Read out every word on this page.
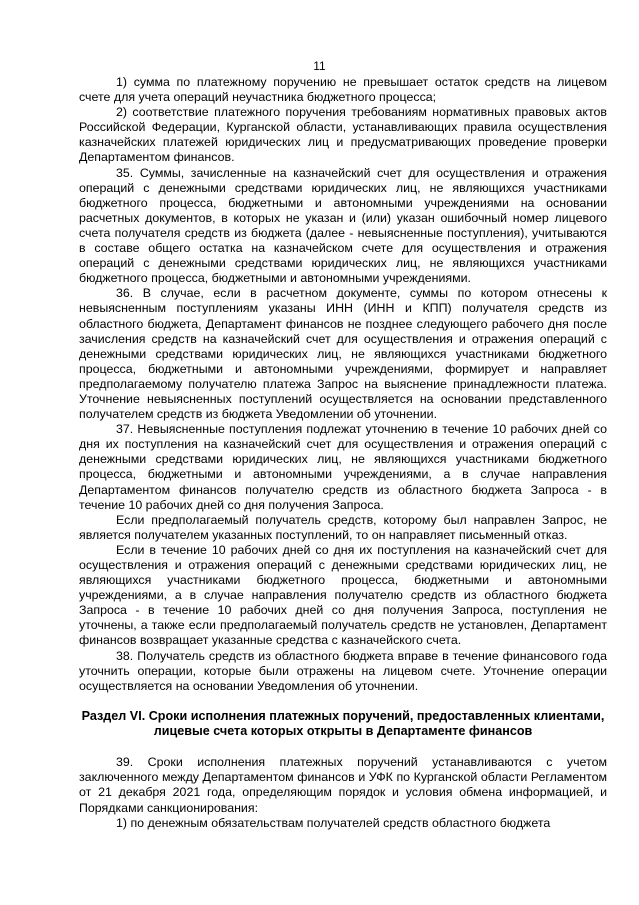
11

1) сумма по платежному поручению не превышает остаток средств на лицевом счете для учета операций неучастника бюджетного процесса;

2) соответствие платежного поручения требованиям нормативных правовых актов Российской Федерации, Курганской области, устанавливающих правила осуществления казначейских платежей юридических лиц и предусматривающих проведение проверки Департаментом финансов.

35. Суммы, зачисленные на казначейский счет для осуществления и отражения операций с денежными средствами юридических лиц, не являющихся участниками бюджетного процесса, бюджетными и автономными учреждениями на основании расчетных документов, в которых не указан и (или) указан ошибочный номер лицевого счета получателя средств из бюджета (далее - невыясненные поступления), учитываются в составе общего остатка на казначейском счете для осуществления и отражения операций с денежными средствами юридических лиц, не являющихся участниками бюджетного процесса, бюджетными и автономными учреждениями.

36. В случае, если в расчетном документе, суммы по котором отнесены к невыясненным поступлениям указаны ИНН (ИНН и КПП) получателя средств из областного бюджета, Департамент финансов не позднее следующего рабочего дня после зачисления средств на казначейский счет для осуществления и отражения операций с денежными средствами юридических лиц, не являющихся участниками бюджетного процесса, бюджетными и автономными учреждениями, формирует и направляет предполагаемому получателю платежа Запрос на выяснение принадлежности платежа. Уточнение невыясненных поступлений осуществляется на основании представленного получателем средств из бюджета Уведомлении об уточнении.

37. Невыясненные поступления подлежат уточнению в течение 10 рабочих дней со дня их поступления на казначейский счет для осуществления и отражения операций с денежными средствами юридических лиц, не являющихся участниками бюджетного процесса, бюджетными и автономными учреждениями, а в случае направления Департаментом финансов получателю средств из областного бюджета Запроса - в течение 10 рабочих дней со дня получения Запроса.

Если предполагаемый получатель средств, которому был направлен Запрос, не является получателем указанных поступлений, то он направляет письменный отказ.

Если в течение 10 рабочих дней со дня их поступления на казначейский счет для осуществления и отражения операций с денежными средствами юридических лиц, не являющихся участниками бюджетного процесса, бюджетными и автономными учреждениями, а в случае направления получателю средств из областного бюджета Запроса - в течение 10 рабочих дней со дня получения Запроса, поступления не уточнены, а также если предполагаемый получатель средств не установлен, Департамент финансов возвращает указанные средства с казначейского счета.

38. Получатель средств из областного бюджета вправе в течение финансового года уточнить операции, которые были отражены на лицевом счете. Уточнение операции осуществляется на основании Уведомления об уточнении.

Раздел VI. Сроки исполнения платежных поручений, предоставленных клиентами, лицевые счета которых открыты в Департаменте финансов

39. Сроки исполнения платежных поручений устанавливаются с учетом заключенного между Департаментом финансов и УФК по Курганской области Регламентом от 21 декабря 2021 года, определяющим порядок и условия обмена информацией, и Порядками санкционирования:

1) по денежным обязательствам получателей средств областного бюджета
